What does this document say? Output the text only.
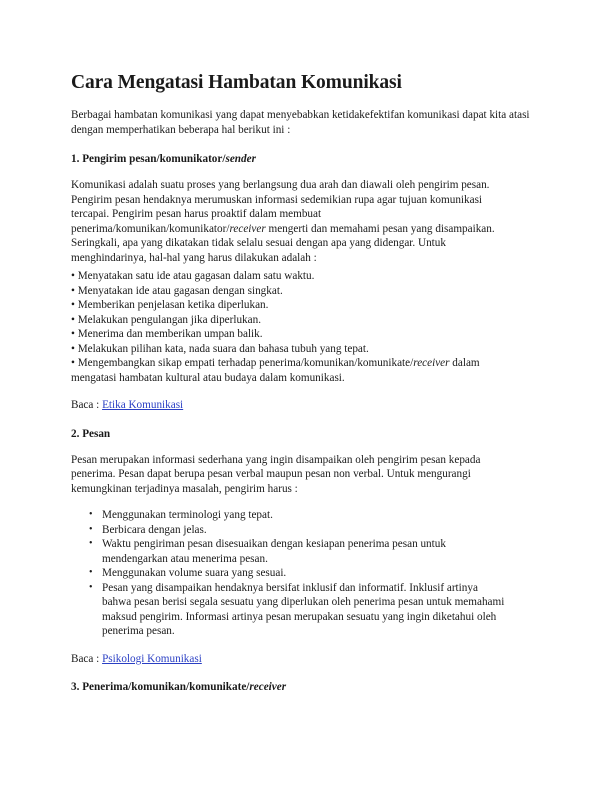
Cara Mengatasi Hambatan Komunikasi

Berbagai hambatan komunikasi yang dapat menyebabkan ketidakefektifan komunikasi dapat kita atasi dengan memperhatikan beberapa hal berikut ini :

1. Pengirim pesan/komunikator/sender

Komunikasi adalah suatu proses yang berlangsung dua arah dan diawali oleh pengirim pesan.
Pengirim pesan hendaknya merumuskan informasi sedemikian rupa agar tujuan komunikasi
tercapai. Pengirim pesan harus proaktif dalam membuat
penerima/komunikan/komunikator/receiver mengerti dan memahami pesan yang disampaikan.
Seringkali, apa yang dikatakan tidak selalu sesuai dengan apa yang didengar. Untuk
menghindarinya, hal-hal yang harus dilakukan adalah :

• Menyatakan satu ide atau gagasan dalam satu waktu.
• Menyatakan ide atau gagasan dengan singkat.
• Memberikan penjelasan ketika diperlukan.
• Melakukan pengulangan jika diperlukan.
• Menerima dan memberikan umpan balik.
• Melakukan pilihan kata, nada suara dan bahasa tubuh yang tepat.
• Mengembangkan sikap empati terhadap penerima/komunikan/komunikate/receiver dalam
mengatasi hambatan kultural atau budaya dalam komunikasi.

Baca : Etika Komunikasi

2. Pesan

Pesan merupakan informasi sederhana yang ingin disampaikan oleh pengirim pesan kepada
penerima. Pesan dapat berupa pesan verbal maupun pesan non verbal. Untuk mengurangi
kemungkinan terjadinya masalah, pengirim harus :

• Menggunakan terminologi yang tepat.
• Berbicara dengan jelas.
• Waktu pengiriman pesan disesuaikan dengan kesiapan penerima pesan untuk
mendengarkan atau menerima pesan.
• Menggunakan volume suara yang sesuai.
• Pesan yang disampaikan hendaknya bersifat inklusif dan informatif. Inklusif artinya
bahwa pesan berisi segala sesuatu yang diperlukan oleh penerima pesan untuk memahami
maksud pengirim. Informasi artinya pesan merupakan sesuatu yang ingin diketahui oleh
penerima pesan.

Baca : Psikologi Komunikasi

3. Penerima/komunikan/komunikate/receiver
